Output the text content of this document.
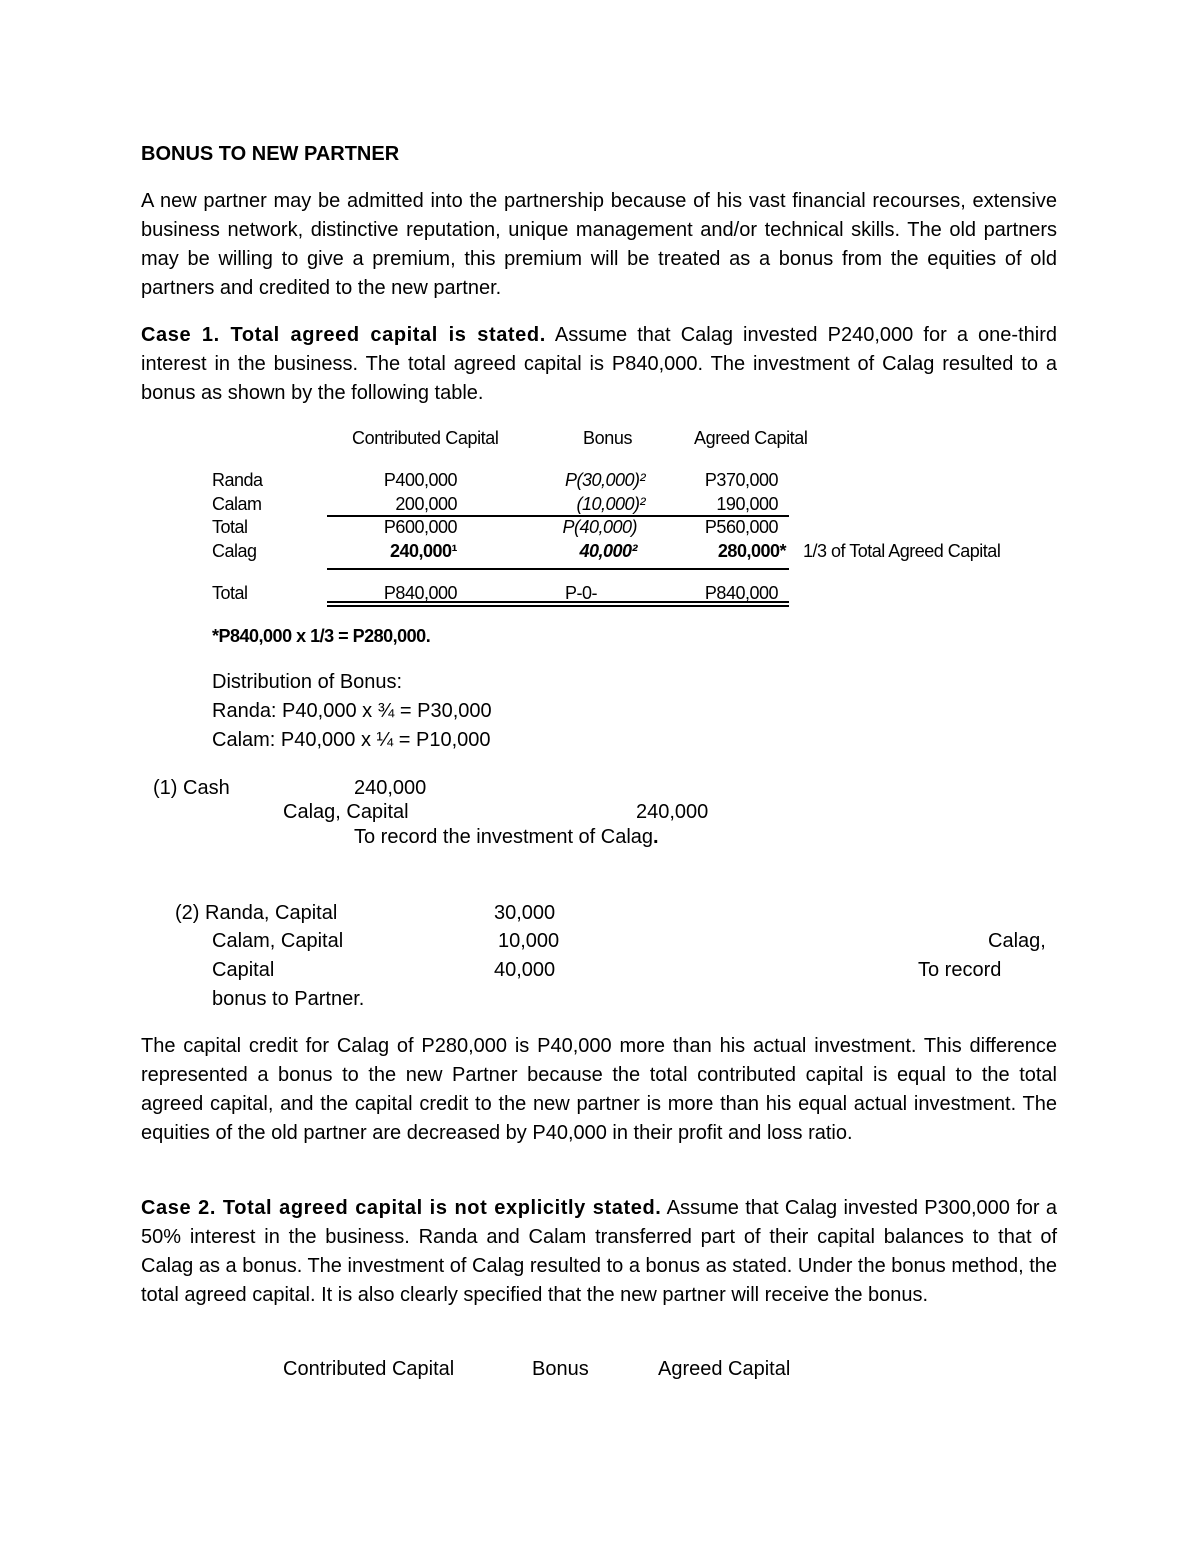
BONUS TO NEW PARTNER
A new partner may be admitted into the partnership because of his vast financial recourses, extensive business network, distinctive reputation, unique management and/or technical skills. The old partners may be willing to give a premium, this premium will be treated as a bonus from the equities of old partners and credited to the new partner.
Case 1. Total agreed capital is stated. Assume that Calag invested P240,000 for a one-third interest in the business. The total agreed capital is P840,000. The investment of Calag resulted to a bonus as shown by the following table.
Contributed Capital	Bonus	Agreed Capital
Randa	P400,000	P(30,000)²	P370,000
Calam	200,000	(10,000)²	190,000
Total	P600,000	P(40,000)	P560,000
Calag	240,000¹	40,000²	280,000* 1/3 of Total Agreed Capital
Total	P840,000	P-0-	P840,000
*P840,000 x 1/3 = P280,000.
Distribution of Bonus:
Randa: P40,000 x ¾ = P30,000
Calam: P40,000 x ¼ = P10,000
(1) Cash	240,000
Calag, Capital	240,000
To record the investment of Calag.
(2) Randa, Capital	30,000
Calam, Capital	10,000	Calag,
Capital	40,000	To record
bonus to Partner.
The capital credit for Calag of P280,000 is P40,000 more than his actual investment. This difference represented a bonus to the new Partner because the total contributed capital is equal to the total agreed capital, and the capital credit to the new partner is more than his equal actual investment. The equities of the old partner are decreased by P40,000 in their profit and loss ratio.
Case 2. Total agreed capital is not explicitly stated. Assume that Calag invested P300,000 for a 50% interest in the business. Randa and Calam transferred part of their capital balances to that of Calag as a bonus. The investment of Calag resulted to a bonus as stated. Under the bonus method, the total agreed capital. It is also clearly specified that the new partner will receive the bonus.
Contributed Capital	Bonus	Agreed Capital
